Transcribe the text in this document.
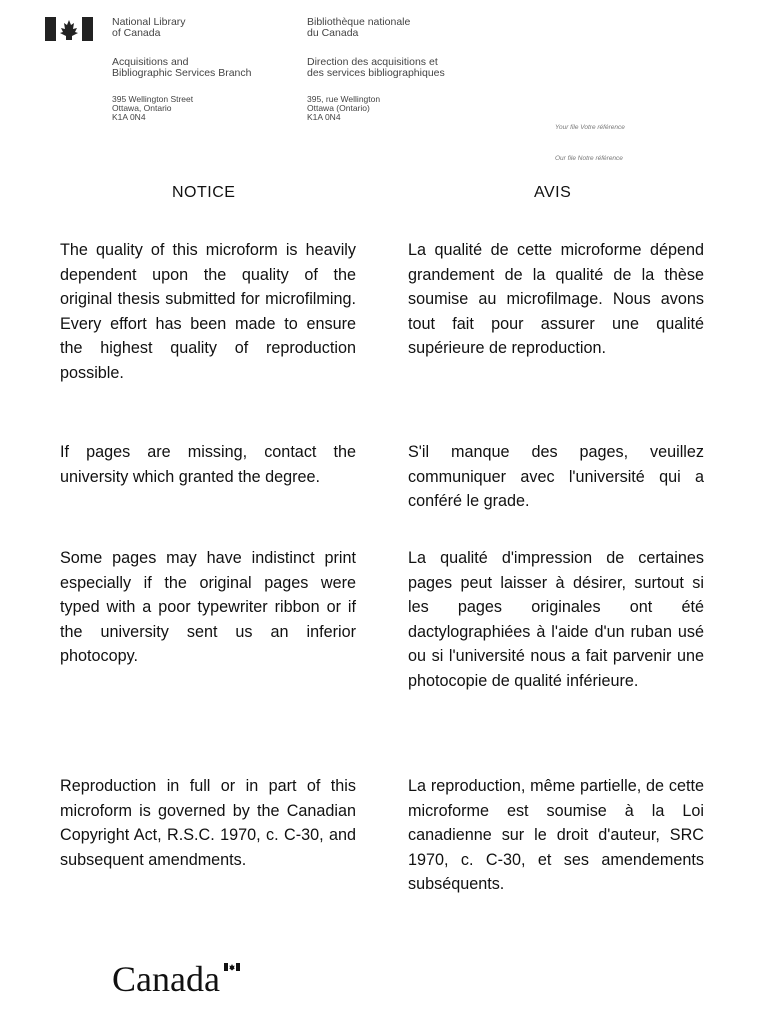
National Library
of Canada
Acquisitions and
Bibliographic Services Branch
395 Wellington Street
Ottawa, Ontario
K1A 0N4
Bibliothèque nationale
du Canada
Direction des acquisitions et
des services bibliographiques
395, rue Wellington
Ottawa (Ontario)
K1A 0N4
Your file Votre référence
Our file Notre référence
NOTICE	AVIS

The quality of this microform is heavily dependent upon the quality of the original thesis submitted for microfilming. Every effort has been made to ensure the highest quality of reproduction possible.

If pages are missing, contact the university which granted the degree.

Some pages may have indistinct print especially if the original pages were typed with a poor typewriter ribbon or if the university sent us an inferior photocopy.

Reproduction in full or in part of this microform is governed by the Canadian Copyright Act, R.S.C. 1970, c. C-30, and subsequent amendments.

La qualité de cette microforme dépend grandement de la qualité de la thèse soumise au microfilmage. Nous avons tout fait pour assurer une qualité supérieure de reproduction.

S'il manque des pages, veuillez communiquer avec l'université qui a conféré le grade.

La qualité d'impression de certaines pages peut laisser à désirer, surtout si les pages originales ont été dactylographiées à l'aide d'un ruban usé ou si l'université nous a fait parvenir une photocopie de qualité inférieure.

La reproduction, même partielle, de cette microforme est soumise à la Loi canadienne sur le droit d'auteur, SRC 1970, c. C-30, et ses amendements subséquents.

Canada
